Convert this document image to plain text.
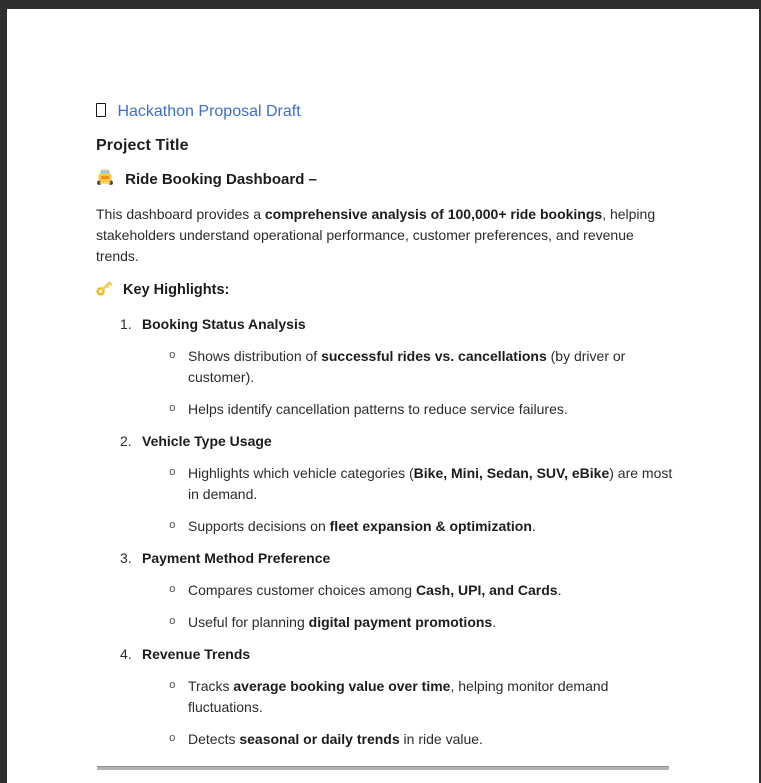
Hackathon Proposal Draft
Project Title
Ride Booking Dashboard –

This dashboard provides a comprehensive analysis of 100,000+ ride bookings, helping stakeholders understand operational performance, customer preferences, and revenue trends.

Key Highlights:
1. Booking Status Analysis
o Shows distribution of successful rides vs. cancellations (by driver or customer).
o Helps identify cancellation patterns to reduce service failures.
2. Vehicle Type Usage
o Highlights which vehicle categories (Bike, Mini, Sedan, SUV, eBike) are most in demand.
o Supports decisions on fleet expansion & optimization.
3. Payment Method Preference
o Compares customer choices among Cash, UPI, and Cards.
o Useful for planning digital payment promotions.
4. Revenue Trends
o Tracks average booking value over time, helping monitor demand fluctuations.
o Detects seasonal or daily trends in ride value.
